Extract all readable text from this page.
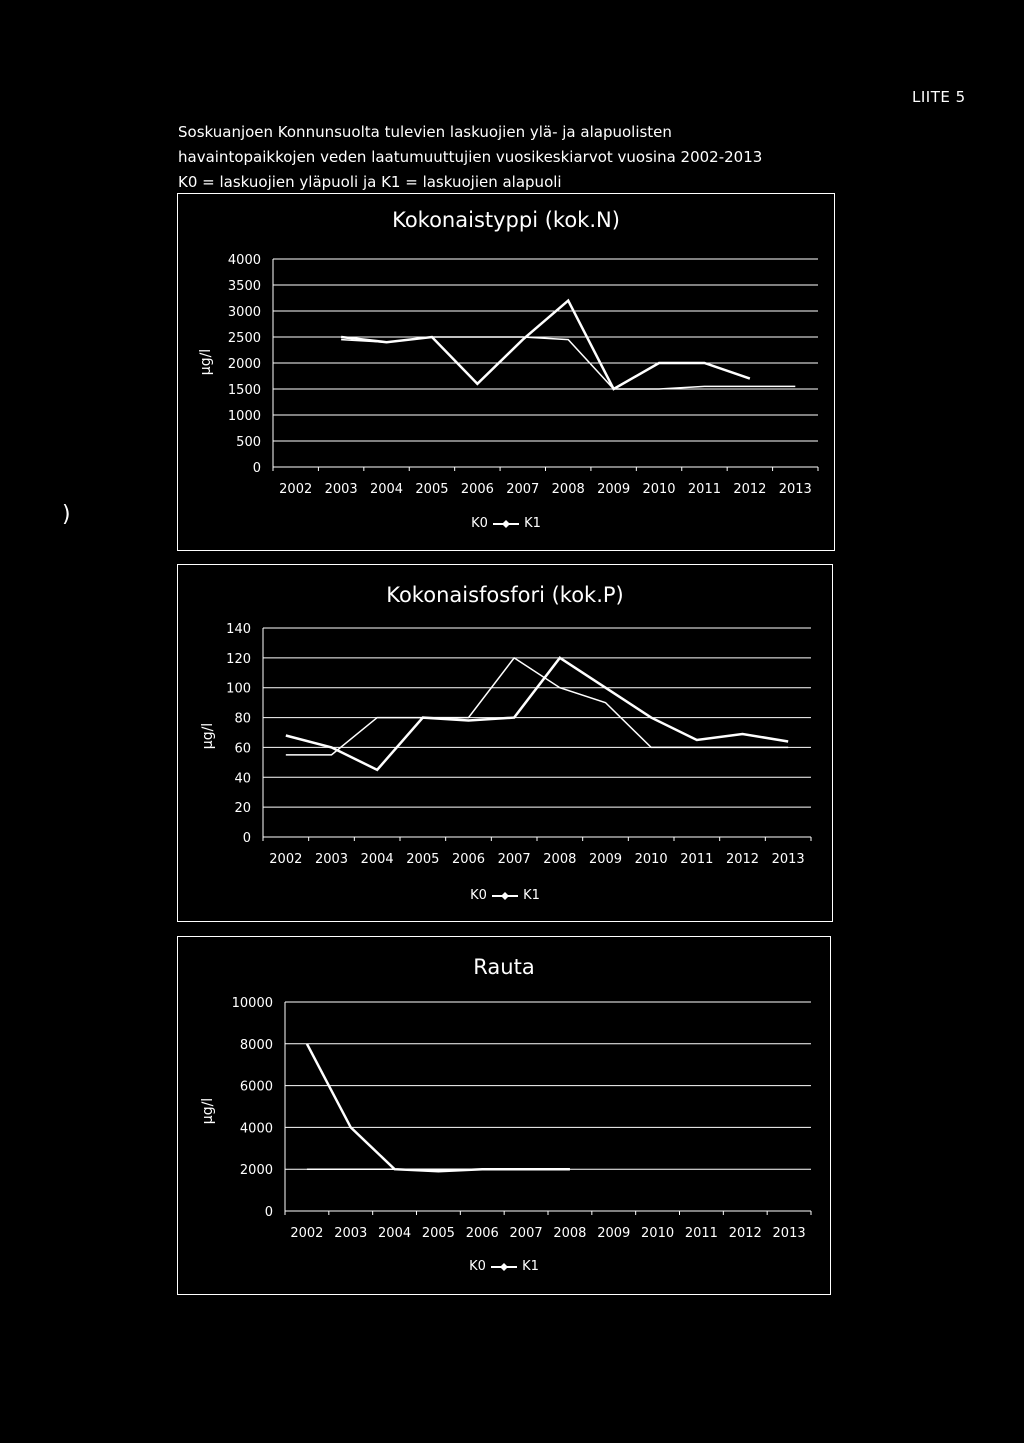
LIITE 5
Soskuanjoen Konnunsuolta tulevien laskuojien ylä- ja alapuolisten
havaintopaikkojen veden laatumuuttujien vuosikeskiarvot vuosina 2002-2013
K0 = laskuojien yläpuoli ja K1 = laskuojien alapuoli
)
Kokonaistyppi (kok.N)
µg/l
0
500
1000
1500
2000
2500
3000
3500
4000
2002 2003 2004 2005 2006 2007 2008 2009 2010 2011 2012 2013
K0	K1
Kokonaisfosfori (kok.P)
µg/l
0
20
40
60
80
100
120
140
2002 2003 2004 2005 2006 2007 2008 2009 2010 2011 2012 2013
K0	K1
Rauta
µg/l
0
2000
4000
6000
8000
10000
2002 2003 2004 2005 2006 2007 2008 2009 2010 2011 2012 2013
K0	K1
